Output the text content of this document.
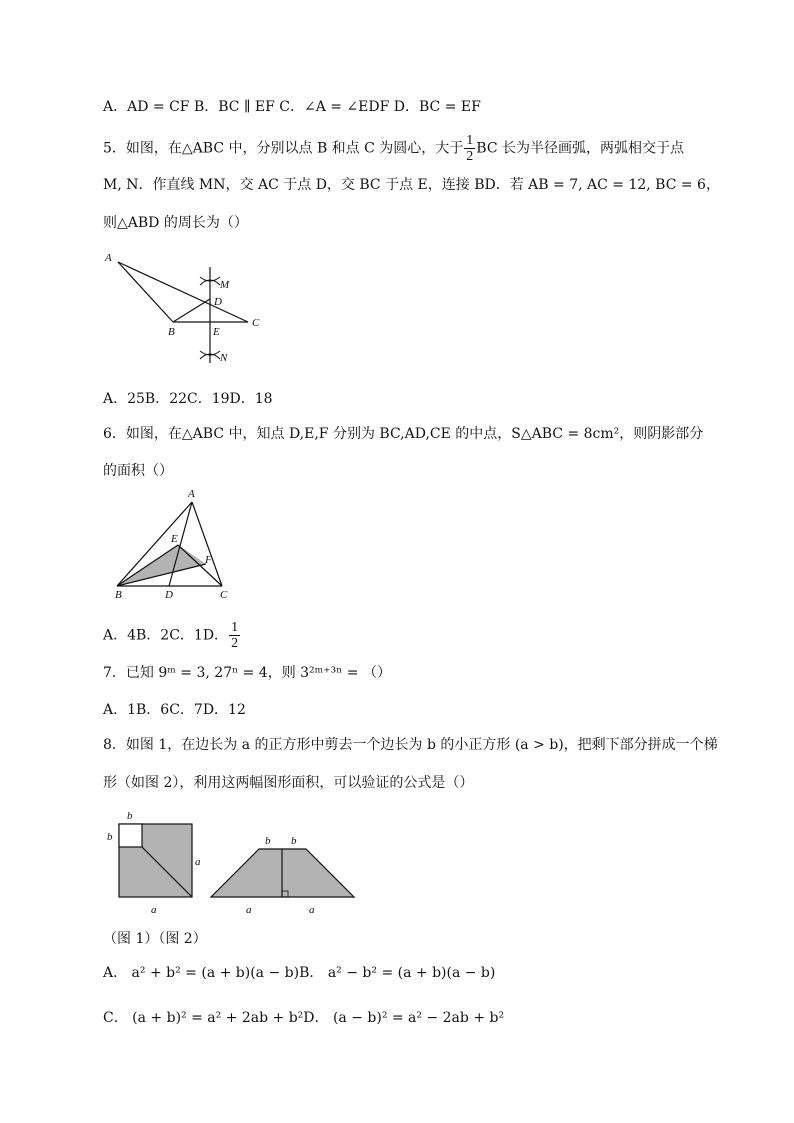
A．AD = CF B．BC ∥ EF C．∠A = ∠EDF D．BC = EF
5．如图，在△ABC 中，分别以点 B 和点 C 为圆心，大于 $\frac{1}{2}$ BC 长为半径画弧，两弧相交于点
M, N．作直线 MN，交 AC 于点 D，交 BC 于点 E，连接 BD．若 AB = 7, AC = 12, BC = 6，
则△ABD 的周长为（）
A
B
C
D
E
M
N
A．25B．22C．19D．18
6．如图，在△ABC 中，知点 D,E,F 分别为 BC,AD,CE 的中点，S△ABC = 8cm²，则阴影部分
的面积（）
A
B	C
D
E
F
A．4B．2C．1D． $\frac{1}{2}$
7．已知 9ᵐ = 3, 27ⁿ = 4，则 3²ᵐ⁺³ⁿ = （）
A．1B．6C．7D．12
8．如图 1，在边长为 a 的正方形中剪去一个边长为 b 的小正方形 (a > b)，把剩下部分拼成一个梯
形（如图 2），利用这两幅图形面积，可以验证的公式是（）
b
b
a
a
b b
a	a
（图 1）（图 2）
A． a² + b² = (a + b)(a − b)B． a² − b² = (a + b)(a − b)
C． (a + b)² = a² + 2ab + b²D． (a − b)² = a² − 2ab + b²
